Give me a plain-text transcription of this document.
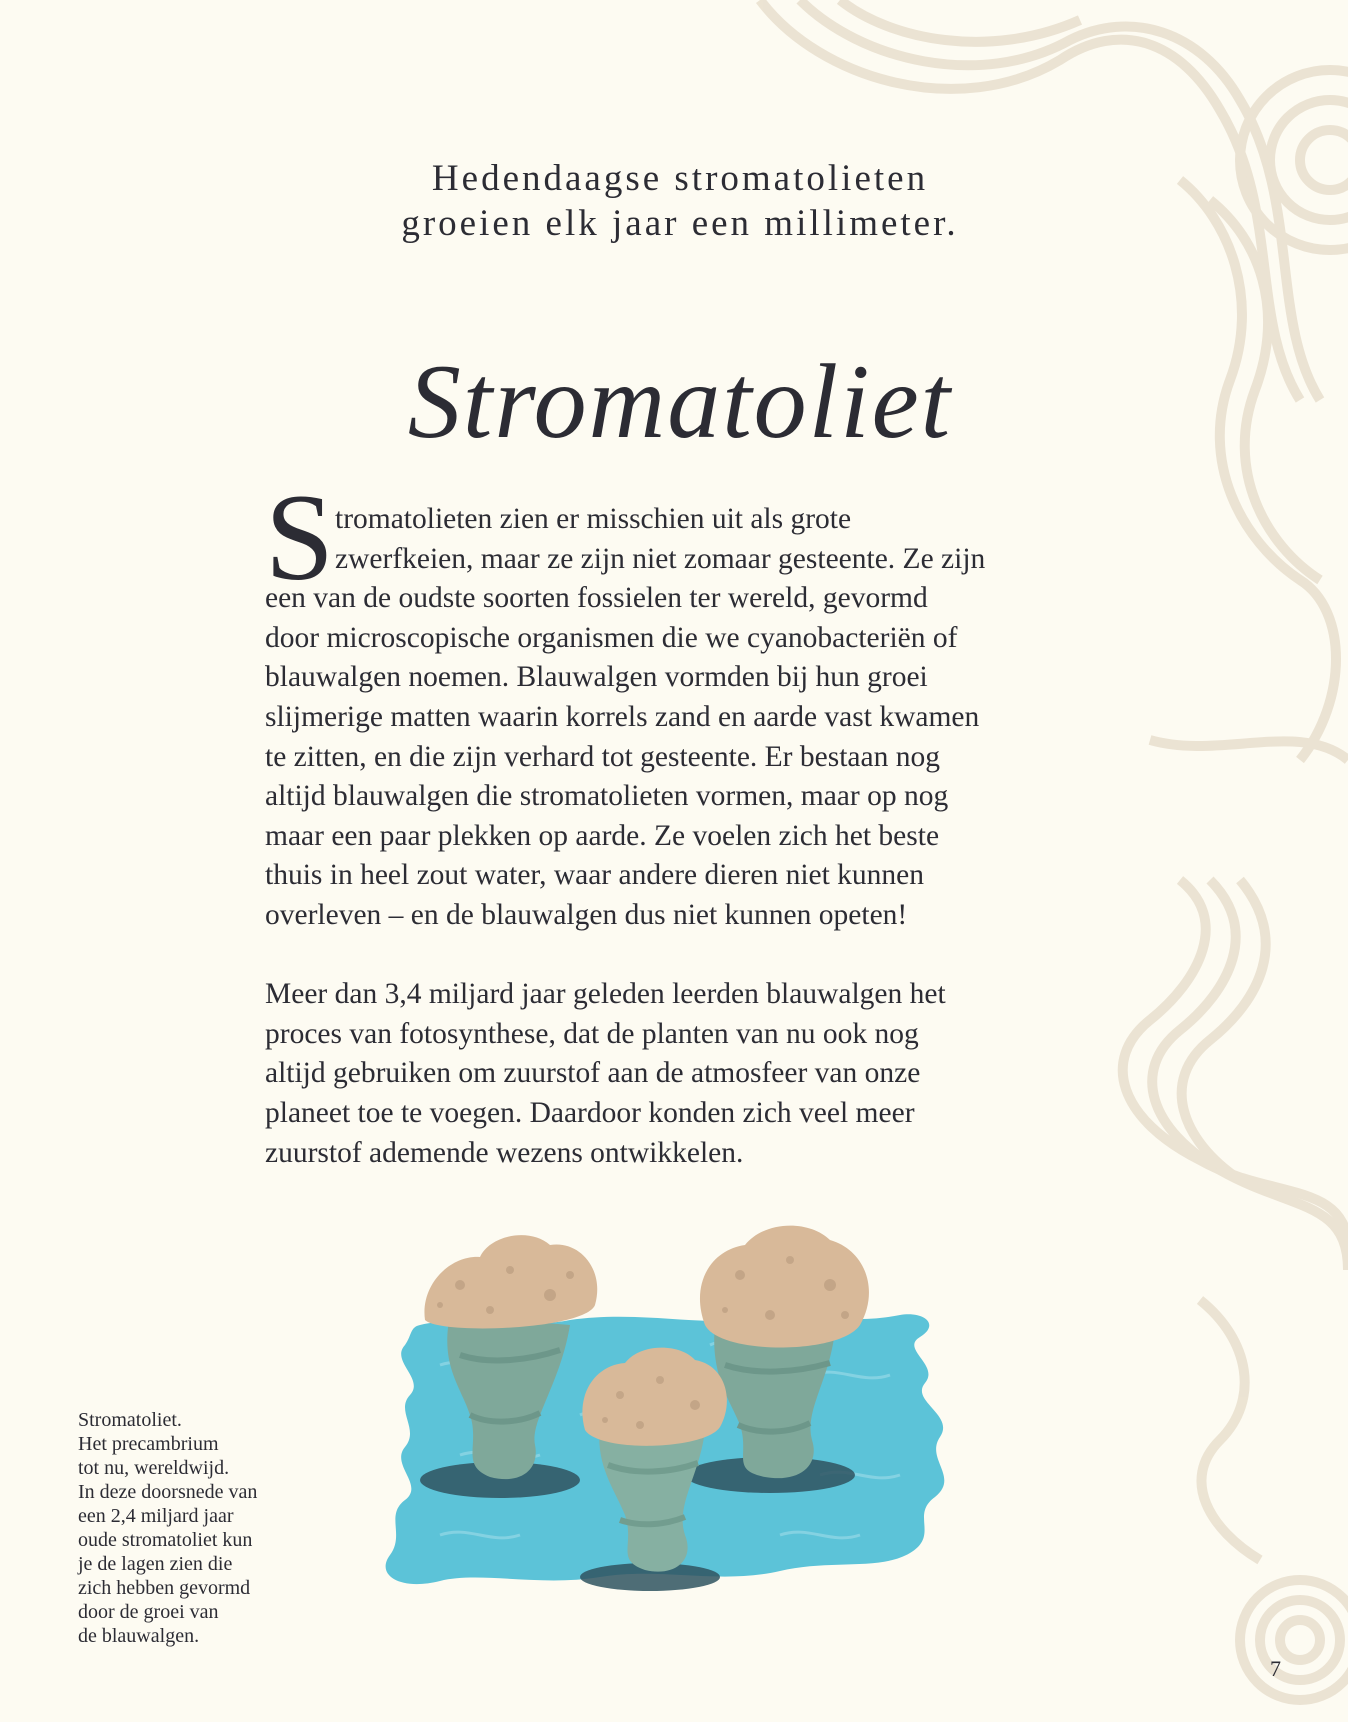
Hedendaagse stromatolieten
groeien elk jaar een millimeter.
Stromatoliet
S tromatolieten zien er misschien uit als grote
zwerfkeien, maar ze zijn niet zomaar gesteente. Ze zijn
een van de oudste soorten fossielen ter wereld, gevormd
door microscopische organismen die we cyanobacteriën of
blauwalgen noemen. Blauwalgen vormden bij hun groei
slijmerige matten waarin korrels zand en aarde vast kwamen
te zitten, en die zijn verhard tot gesteente. Er bestaan nog
altijd blauwalgen die stromatolieten vormen, maar op nog
maar een paar plekken op aarde. Ze voelen zich het beste
thuis in heel zout water, waar andere dieren niet kunnen
overleven – en de blauwalgen dus niet kunnen opeten!
Meer dan 3,4 miljard jaar geleden leerden blauwalgen het
proces van fotosynthese, dat de planten van nu ook nog
altijd gebruiken om zuurstof aan de atmosfeer van onze
planeet toe te voegen. Daardoor konden zich veel meer
zuurstof ademende wezens ontwikkelen.
Stromatoliet.
Het precambrium
tot nu, wereldwijd.
In deze doorsnede van
een 2,4 miljard jaar
oude stromatoliet kun
je de lagen zien die
zich hebben gevormd
door de groei van
de blauwalgen.
7
